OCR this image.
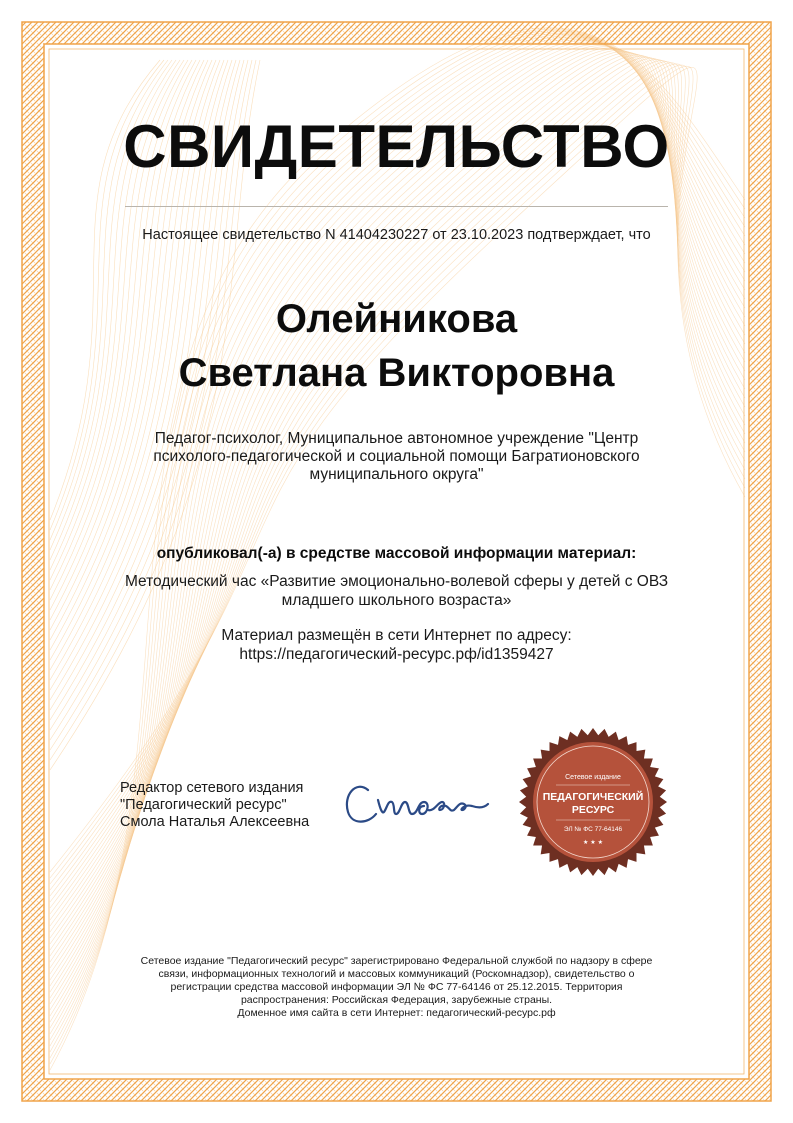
СВИДЕТЕЛЬСТВО
Настоящее свидетельство N 41404230227 от 23.10.2023 подтверждает, что
Олейникова
Светлана Викторовна
Педагог-психолог, Муниципальное автономное учреждение "Центр психолого-педагогической и социальной помощи Багратионовского муниципального округа"
опубликовал(-а) в средстве массовой информации материал:
Методический час «Развитие эмоционально-волевой сферы у детей с ОВЗ младшего школьного возраста»
Материал размещён в сети Интернет по адресу:
https://педагогический-ресурс.рф/id1359427
Редактор сетевого издания
"Педагогический ресурс"
Смола Наталья Алексеевна
Сетевое издание
ПЕДАГОГИЧЕСКИЙ
РЕСУРС
ЭЛ № ФС 77-64146
★ ★ ★

Сетевое издание "Педагогический ресурс" зарегистрировано Федеральной службой по надзору в сфере

связи, информационных технологий и массовых коммуникаций (Роскомнадзор), свидетельство о

регистрации средства массовой информации ЭЛ № ФС 77-64146 от 25.12.2015. Территория

распространения: Российская Федерация, зарубежные страны.

Доменное имя сайта в сети Интернет: педагогический-ресурс.рф
